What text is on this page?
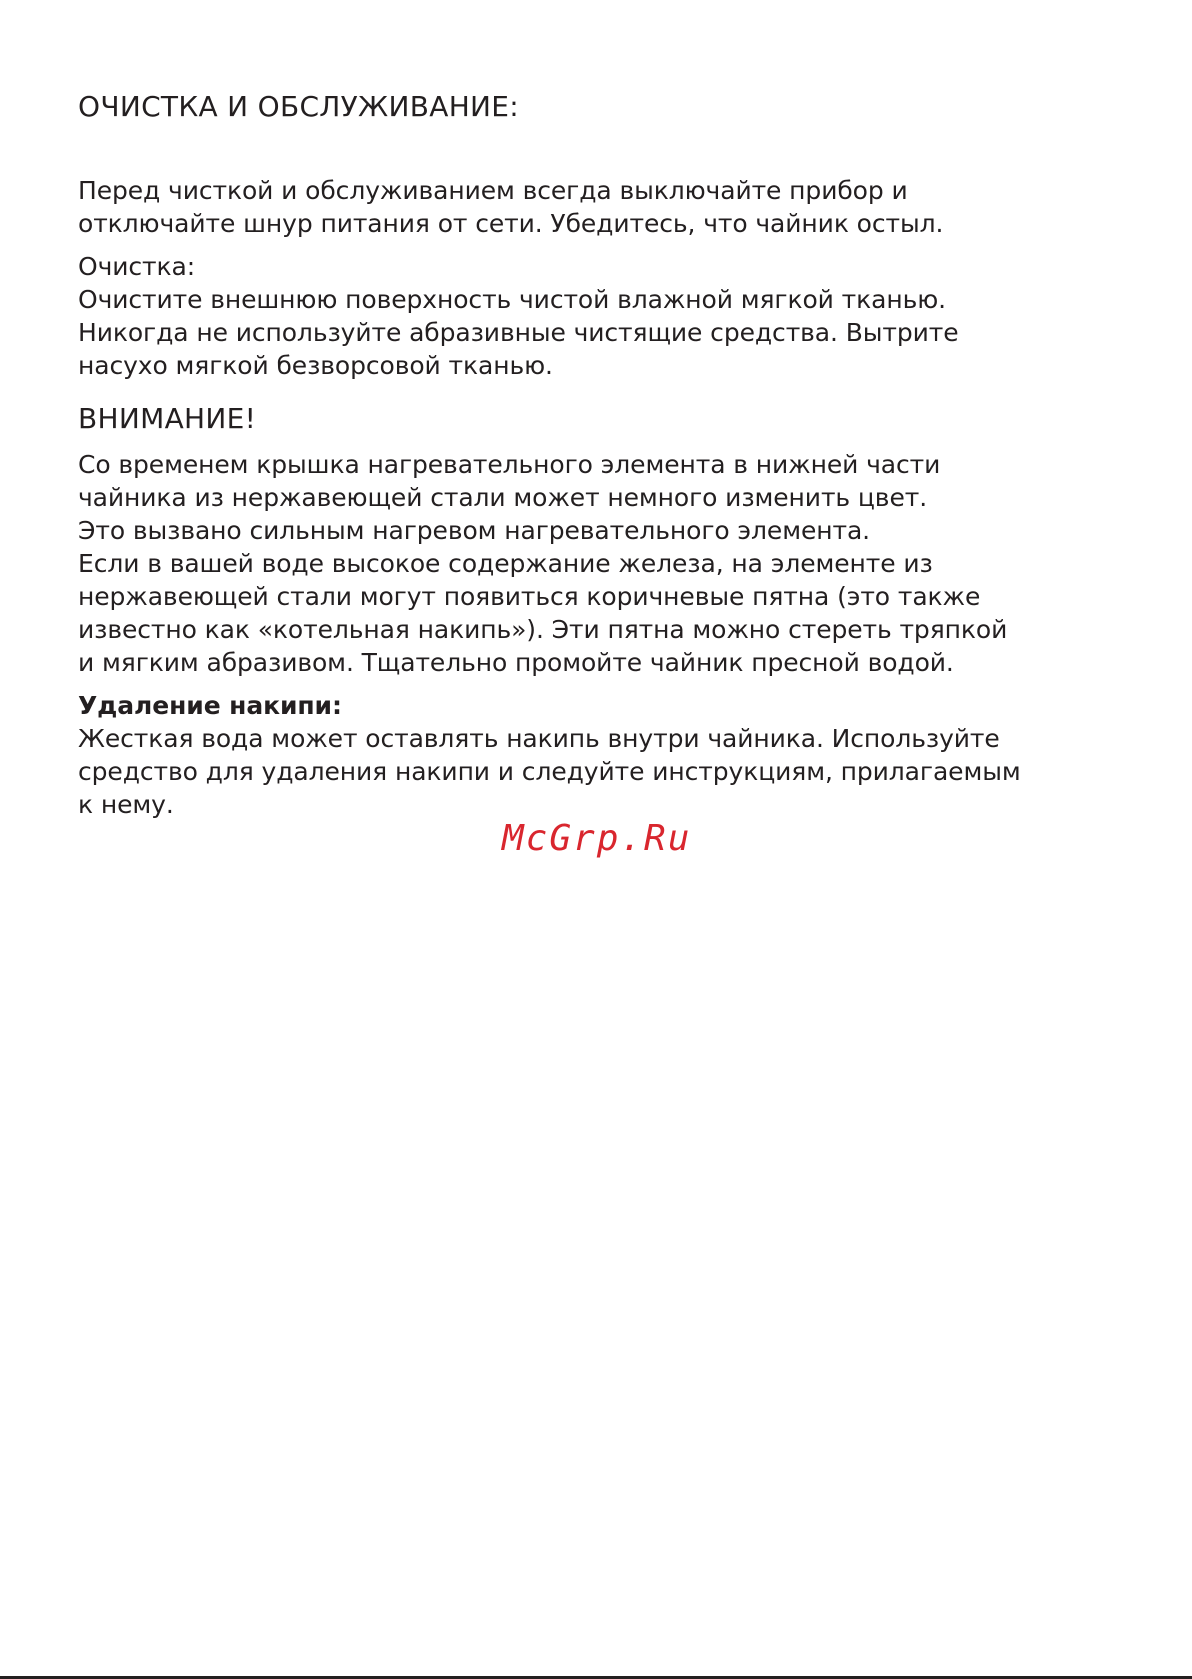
ОЧИСТКА И ОБСЛУЖИВАНИЕ:

Перед чисткой и обслуживанием всегда выключайте прибор и
отключайте шнур питания от сети. Убедитесь, что чайник остыл.

Очистка:
Очистите внешнюю поверхность чистой влажной мягкой тканью.
Никогда не используйте абразивные чистящие средства. Вытрите
насухо мягкой безворсовой тканью.

ВНИМАНИЕ!

Со временем крышка нагревательного элемента в нижней части
чайника из нержавеющей стали может немного изменить цвет.
Это вызвано сильным нагревом нагревательного элемента.
Если в вашей воде высокое содержание железа, на элементе из
нержавеющей стали могут появиться коричневые пятна (это также
известно как «котельная накипь»). Эти пятна можно стереть тряпкой
и мягким абразивом. Тщательно промойте чайник пресной водой.

Удаление накипи:
Жесткая вода может оставлять накипь внутри чайника. Используйте
средство для удаления накипи и следуйте инструкциям, прилагаемым
к нему.

McGrp.Ru
